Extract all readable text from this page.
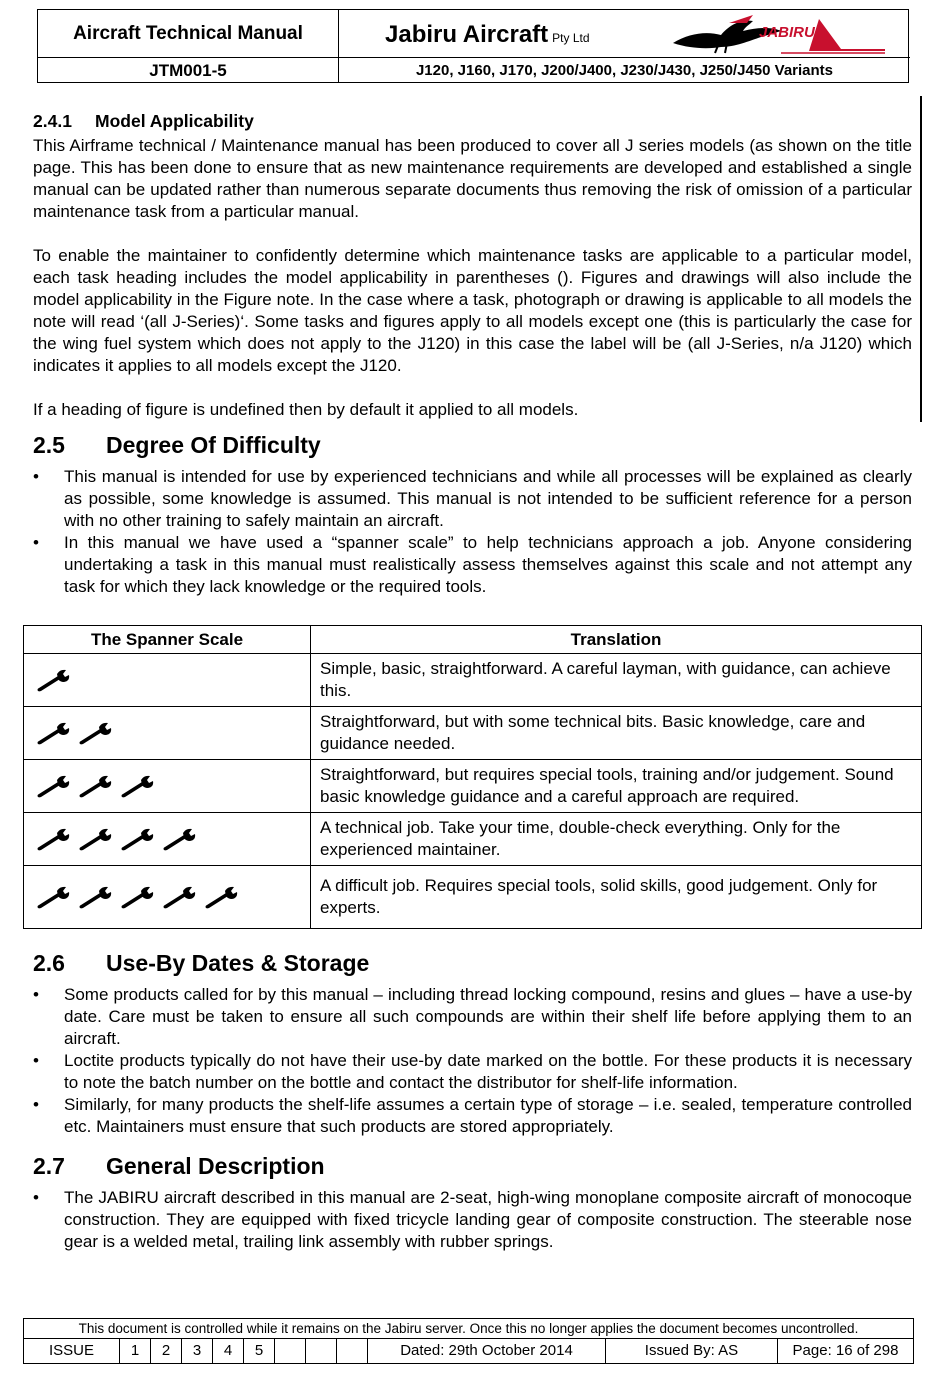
Aircraft Technical Manual	Jabiru Aircraft Pty Ltd	JABIRU
JTM001-5	J120, J160, J170, J200/J400, J230/J430, J250/J450 Variants
2.4.1 Model Applicability

This Airframe technical / Maintenance manual has been produced to cover all J series models (as shown on the title page. This has been done to ensure that as new maintenance requirements are developed and established a single manual can be updated rather than numerous separate documents thus removing the risk of omission of a particular maintenance task from a particular manual.

To enable the maintainer to confidently determine which maintenance tasks are applicable to a particular model, each task heading includes the model applicability in parentheses (). Figures and drawings will also include the model applicability in the Figure note. In the case where a task, photograph or drawing is applicable to all models the note will read ‘(all J-Series)‘. Some tasks and figures apply to all models except one (this is particularly the case for the wing fuel system which does not apply to the J120) in this case the label will be (all J-Series, n/a J120) which indicates it applies to all models except the J120.

If a heading of figure is undefined then by default it applied to all models.

2.5 Degree Of Difficulty
• This manual is intended for use by experienced technicians and while all processes will be explained as clearly as possible, some knowledge is assumed. This manual is not intended to be sufficient reference for a person with no other training to safely maintain an aircraft.
• In this manual we have used a “spanner scale” to help technicians approach a job. Anyone considering undertaking a task in this manual must realistically assess themselves against this scale and not attempt any task for which they lack knowledge or the required tools.
The Spanner Scale	Translation
	Simple, basic, straightforward. A careful layman, with guidance, can achieve this.
	Straightforward, but with some technical bits. Basic knowledge, care and guidance needed.
	Straightforward, but requires special tools, training and/or judgement. Sound basic knowledge guidance and a careful approach are required.
	A technical job. Take your time, double-check everything. Only for the experienced maintainer.
	A difficult job. Requires special tools, solid skills, good judgement. Only for experts.
2.6 Use-By Dates & Storage
• Some products called for by this manual – including thread locking compound, resins and glues – have a use-by date. Care must be taken to ensure all such compounds are within their shelf life before applying them to an aircraft.
• Loctite products typically do not have their use-by date marked on the bottle. For these products it is necessary to note the batch number on the bottle and contact the distributor for shelf-life information.
• Similarly, for many products the shelf-life assumes a certain type of storage – i.e. sealed, temperature controlled etc. Maintainers must ensure that such products are stored appropriately.
2.7 General Description
• The JABIRU aircraft described in this manual are 2-seat, high-wing monoplane composite aircraft of monocoque construction. They are equipped with fixed tricycle landing gear of composite construction. The steerable nose gear is a welded metal, trailing link assembly with rubber springs.
This document is controlled while it remains on the Jabiru server. Once this no longer applies the document becomes uncontrolled.
ISSUE	1	2	3	4	5	Dated: 29th October 2014	Issued By: AS	Page: 16 of 298
